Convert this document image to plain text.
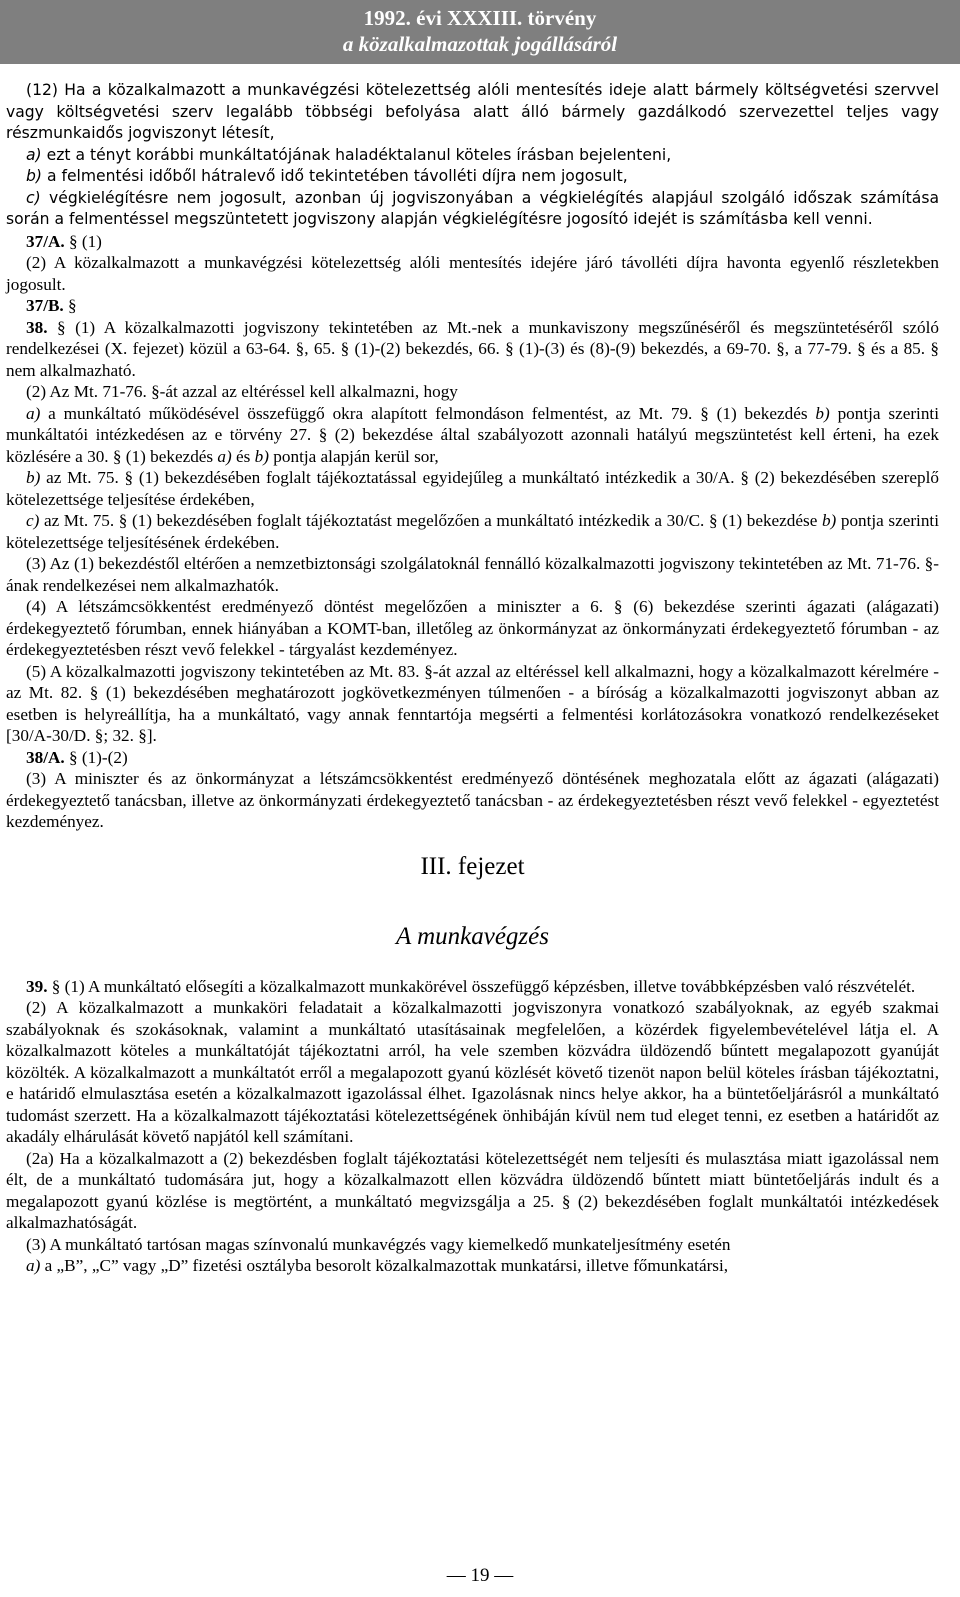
1992. évi XXXIII. törvény
a közalkalmazottak jogállásáról

(12) Ha a közalkalmazott a munkavégzési kötelezettség alóli mentesítés ideje alatt bármely költségvetési szervvel vagy költségvetési szerv legalább többségi befolyása alatt álló bármely gazdálkodó szervezettel teljes vagy részmunkaidős jogviszonyt létesít,

a) ezt a tényt korábbi munkáltatójának haladéktalanul köteles írásban bejelenteni,

b) a felmentési időből hátralevő idő tekintetében távolléti díjra nem jogosult,

c) végkielégítésre nem jogosult, azonban új jogviszonyában a végkielégítés alapjául szolgáló időszak számítása során a felmentéssel megszüntetett jogviszony alapján végkielégítésre jogosító idejét is számításba kell venni.

37/A. § (1)

(2) A közalkalmazott a munkavégzési kötelezettség alóli mentesítés idejére járó távolléti díjra havonta egyenlő részletekben jogosult.

37/B. §

38. § (1) A közalkalmazotti jogviszony tekintetében az Mt.-nek a munkaviszony megszűnéséről és megszüntetéséről szóló rendelkezései (X. fejezet) közül a 63-64. §, 65. § (1)-(2) bekezdés, 66. § (1)-(3) és (8)-(9) bekezdés, a 69-70. §, a 77-79. § és a 85. § nem alkalmazható.

(2) Az Mt. 71-76. §-át azzal az eltéréssel kell alkalmazni, hogy

a) a munkáltató működésével összefüggő okra alapított felmondáson felmentést, az Mt. 79. § (1) bekezdés b) pontja szerinti munkáltatói intézkedésen az e törvény 27. § (2) bekezdése által szabályozott azonnali hatályú megszüntetést kell érteni, ha ezek közlésére a 30. § (1) bekezdés a) és b) pontja alapján kerül sor,

b) az Mt. 75. § (1) bekezdésében foglalt tájékoztatással egyidejűleg a munkáltató intézkedik a 30/A. § (2) bekezdésében szereplő kötelezettsége teljesítése érdekében,

c) az Mt. 75. § (1) bekezdésében foglalt tájékoztatást megelőzően a munkáltató intézkedik a 30/C. § (1) bekezdése b) pontja szerinti kötelezettsége teljesítésének érdekében.

(3) Az (1) bekezdéstől eltérően a nemzetbiztonsági szolgálatoknál fennálló közalkalmazotti jogviszony tekintetében az Mt. 71-76. §-ának rendelkezései nem alkalmazhatók.

(4) A létszámcsökkentést eredményező döntést megelőzően a miniszter a 6. § (6) bekezdése szerinti ágazati (alágazati) érdekegyeztető fórumban, ennek hiányában a KOMT-ban, illetőleg az önkormányzat az önkormányzati érdekegyeztető fórumban - az érdekegyeztetésben részt vevő felekkel - tárgyalást kezdeményez.

(5) A közalkalmazotti jogviszony tekintetében az Mt. 83. §-át azzal az eltéréssel kell alkalmazni, hogy a közalkalmazott kérelmére - az Mt. 82. § (1) bekezdésében meghatározott jogkövetkezményen túlmenően - a bíróság a közalkalmazotti jogviszonyt abban az esetben is helyreállítja, ha a munkáltató, vagy annak fenntartója megsérti a felmentési korlátozásokra vonatkozó rendelkezéseket [30/A-30/D. §; 32. §].

38/A. § (1)-(2)

(3) A miniszter és az önkormányzat a létszámcsökkentést eredményező döntésének meghozatala előtt az ágazati (alágazati) érdekegyeztető tanácsban, illetve az önkormányzati érdekegyeztető tanácsban - az érdekegyeztetésben részt vevő felekkel - egyeztetést kezdeményez.

III. fejezet

A munkavégzés

39. § (1) A munkáltató elősegíti a közalkalmazott munkakörével összefüggő képzésben, illetve továbbképzésben való részvételét.

(2) A közalkalmazott a munkaköri feladatait a közalkalmazotti jogviszonyra vonatkozó szabályoknak, az egyéb szakmai szabályoknak és szokásoknak, valamint a munkáltató utasításainak megfelelően, a közérdek figyelembevételével látja el. A közalkalmazott köteles a munkáltatóját tájékoztatni arról, ha vele szemben közvádra üldözendő bűntett megalapozott gyanúját közölték. A közalkalmazott a munkáltatót erről a megalapozott gyanú közlését követő tizenöt napon belül köteles írásban tájékoztatni, e határidő elmulasztása esetén a közalkalmazott igazolással élhet. Igazolásnak nincs helye akkor, ha a büntetőeljárásról a munkáltató tudomást szerzett. Ha a közalkalmazott tájékoztatási kötelezettségének önhibáján kívül nem tud eleget tenni, ez esetben a határidőt az akadály elhárulását követő napjától kell számítani.

(2a) Ha a közalkalmazott a (2) bekezdésben foglalt tájékoztatási kötelezettségét nem teljesíti és mulasztása miatt igazolással nem élt, de a munkáltató tudomására jut, hogy a közalkalmazott ellen közvádra üldözendő bűntett miatt büntetőeljárás indult és a megalapozott gyanú közlése is megtörtént, a munkáltató megvizsgálja a 25. § (2) bekezdésében foglalt munkáltatói intézkedések alkalmazhatóságát.

(3) A munkáltató tartósan magas színvonalú munkavégzés vagy kiemelkedő munkateljesítmény esetén

a) a „B”, „C” vagy „D” fizetési osztályba besorolt közalkalmazottak munkatársi, illetve főmunkatársi,

— 19 —
